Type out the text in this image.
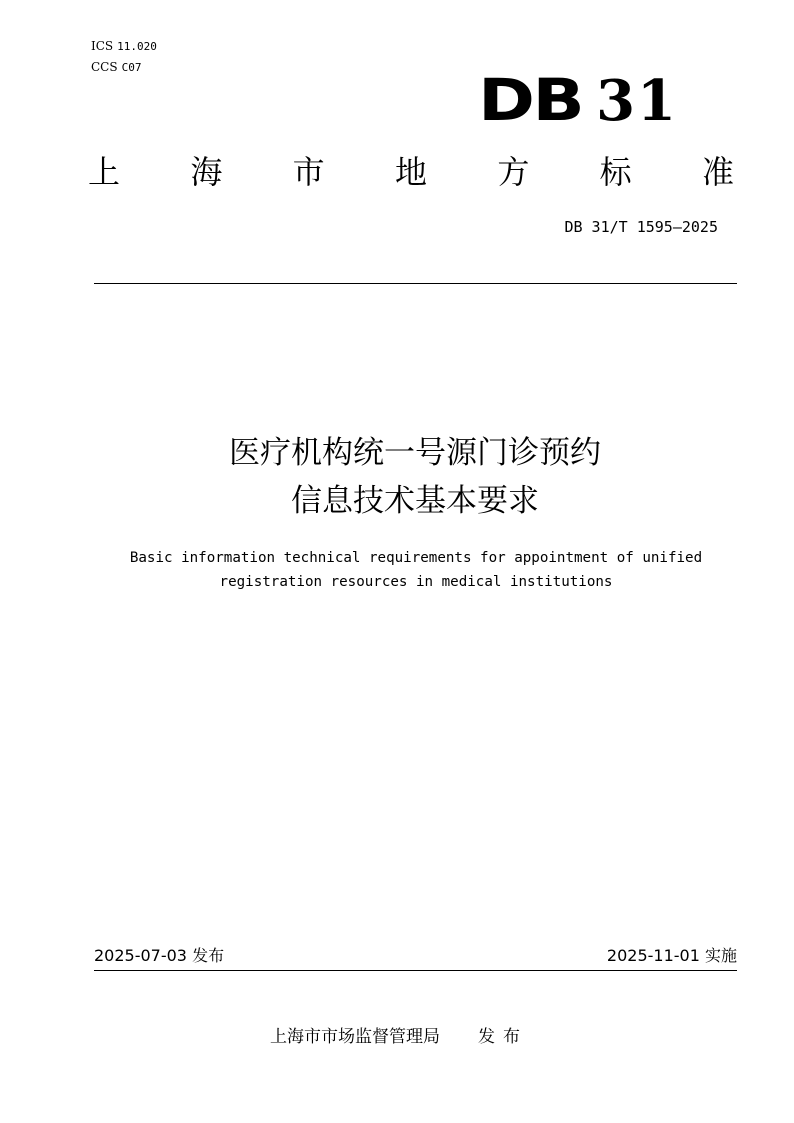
ICS 11.020
CCS C07	DB 31
上 海 市 地 方 标 准
DB 31/T 1595—2025
医疗机构统一号源门诊预约
信息技术基本要求
Basic information technical requirements for appointment of unified
registration resources in medical institutions
2025-07-03 发布	2025-11-01 实施
上海市市场监督管理局 发布
